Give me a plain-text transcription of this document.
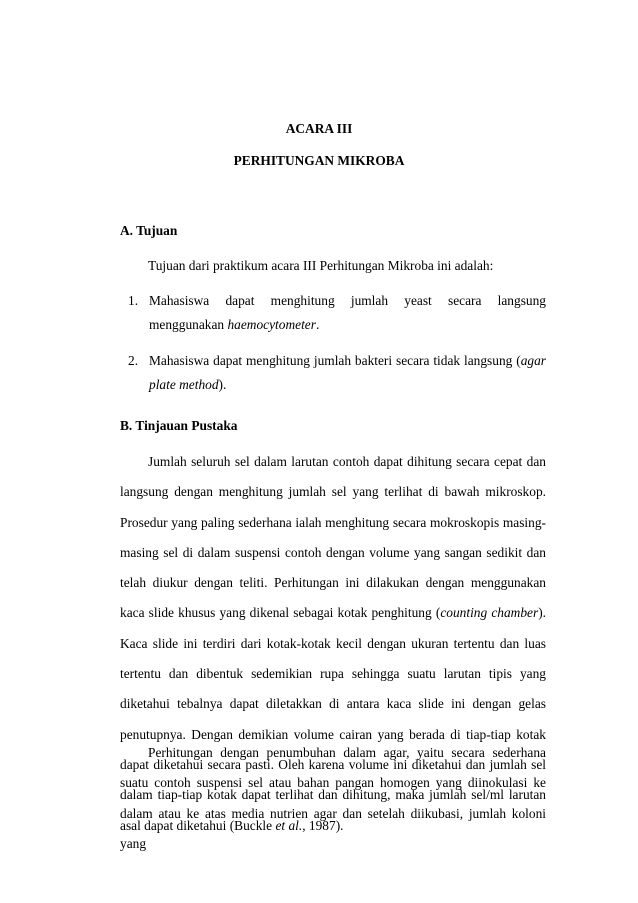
ACARA III
PERHITUNGAN MIKROBA
A. Tujuan

Tujuan dari praktikum acara III Perhitungan Mikroba ini adalah:

1. Mahasiswa dapat menghitung jumlah yeast secara langsung menggunakan haemocytometer.
2. Mahasiswa dapat menghitung jumlah bakteri secara tidak langsung (agar plate method).
B. Tinjauan Pustaka

Jumlah seluruh sel dalam larutan contoh dapat dihitung secara cepat dan langsung dengan menghitung jumlah sel yang terlihat di bawah mikroskop. Prosedur yang paling sederhana ialah menghitung secara mokroskopis masing-masing sel di dalam suspensi contoh dengan volume yang sangan sedikit dan telah diukur dengan teliti. Perhitungan ini dilakukan dengan menggunakan kaca slide khusus yang dikenal sebagai kotak penghitung (counting chamber). Kaca slide ini terdiri dari kotak-kotak kecil dengan ukuran tertentu dan luas tertentu dan dibentuk sedemikian rupa sehingga suatu larutan tipis yang diketahui tebalnya dapat diletakkan di antara kaca slide ini dengan gelas penutupnya. Dengan demikian volume cairan yang berada di tiap-tiap kotak dapat diketahui secara pasti. Oleh karena volume ini diketahui dan jumlah sel dalam tiap-tiap kotak dapat terlihat dan dihitung, maka jumlah sel/ml larutan asal dapat diketahui (Buckle et al., 1987).

Perhitungan dengan penumbuhan dalam agar, yaitu secara sederhana suatu contoh suspensi sel atau bahan pangan homogen yang diinokulasi ke dalam atau ke atas media nutrien agar dan setelah diikubasi, jumlah koloni yang
